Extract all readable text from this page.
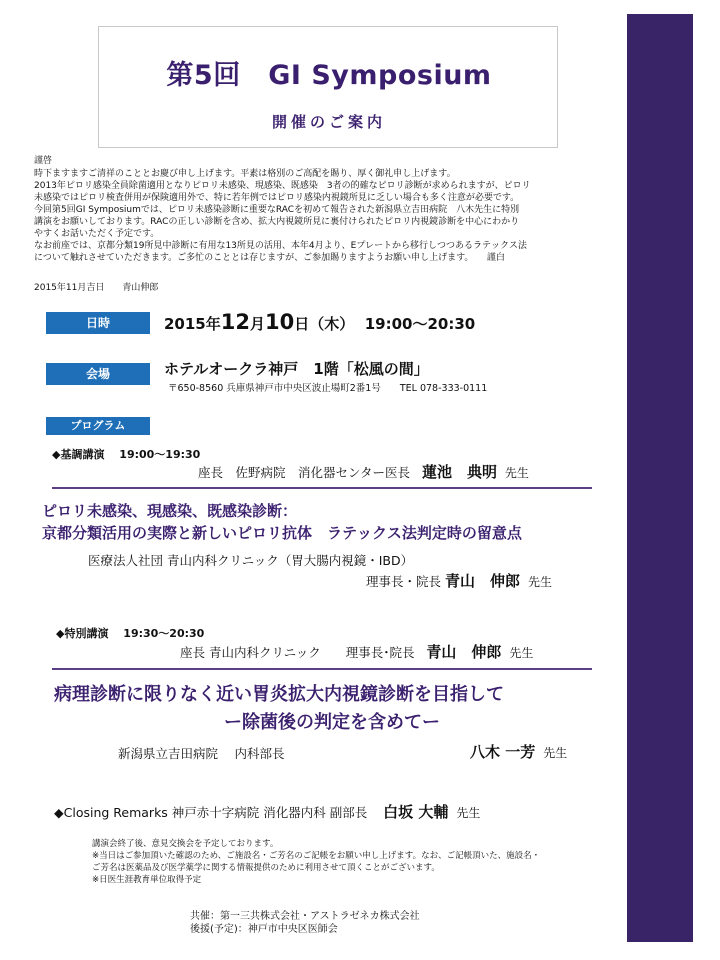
第5回　GI Symposium
開催のご案内
謹啓

時下ますますご清祥のこととお慶び申し上げます。平素は格別のご高配を賜り、厚く御礼申し上げます。

2013年ピロリ感染全員除菌適用となりピロリ未感染、現感染、既感染　3者の的確なピロリ診断が求められますが、ピロリ

未感染ではピロリ検査併用が保険適用外で、特に若年例ではピロリ感染内視鏡所見に乏しい場合も多く注意が必要です。

今回第5回GI Symposiumでは、ピロリ未感染診断に重要なRACを初めて報告された新潟県立吉田病院　八木先生に特別

講演をお願いしております。RACの正しい診断を含め、拡大内視鏡所見に裏付けられたピロリ内視鏡診断を中心にわかり

やすくお話いただく予定です。

なお前座では、京都分類19所見中診断に有用な13所見の活用、本年4月より、Eプレートから移行しつつあるラテックス法

について触れさせていただきます。ご多忙のこととは存じますが、ご参加賜りますようお願い申し上げます。　　謹白

2015年11月吉日　　青山伸郎
日時	2015年12月10日（木） 19:00〜20:30
会場	ホテルオークラ神戸　1階「松風の間」
〒650-8560 兵庫県神戸市中央区波止場町2番1号　　TEL 078-333-0111
プログラム
◆基調講演　 19:00〜19:30
座長　佐野病院　消化器センター医長 蓮池　典明 先生
ピロリ未感染、現感染、既感染診断：
京都分類活用の実際と新しいピロリ抗体　ラテックス法判定時の留意点
医療法人社団 青山内科クリニック（胃大腸内視鏡・IBD）
理事長・院長 青山　伸郎 先生
◆特別講演　 19:30〜20:30
座長 青山内科クリニック　　理事長･院長 青山　伸郎 先生
病理診断に限りなく近い胃炎拡大内視鏡診断を目指して
ー除菌後の判定を含めてー
新潟県立吉田病院　 内科部長	八木 一芳 先生
◆Closing Remarks 神戸赤十字病院 消化器内科 副部長 白坂 大輔 先生

講演会終了後、意見交換会を予定しております。

※当日はご参加頂いた確認のため、ご施設名・ご芳名のご記帳をお願い申し上げます。なお、ご記帳頂いた、施設名・

ご芳名は医薬品及び医学薬学に関する情報提供のために利用させて頂くことがございます。

※日医生涯教育単位取得予定

共催：第一三共株式会社・アストラゼネカ株式会社
後援(予定)：神戸市中央区医師会
